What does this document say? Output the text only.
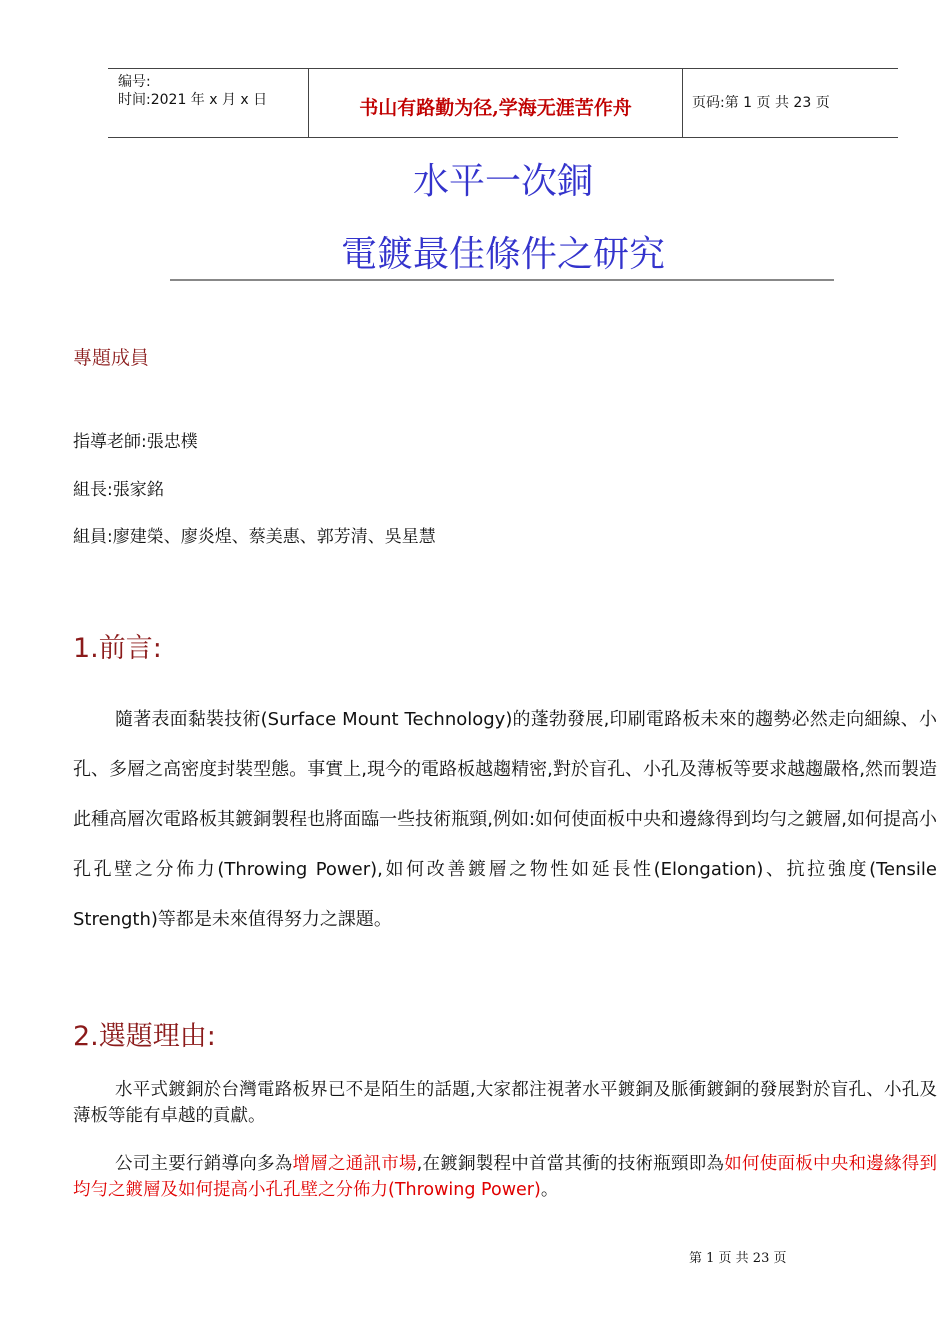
编号:
时间:2021 年 x 月 x 日	书山有路勤为径,学海无涯苦作舟	页码:第 1 页 共 23 页
水平一次銅
電鍍最佳條件之研究
專題成員
指導老師:張忠樸
組長:張家銘
組員:廖建榮、廖炎煌、蔡美惠、郭芳清、吳星慧
1.前言:
隨著表面黏裝技術(Surface Mount Technology)的蓬勃發展,印刷電路板未來的趨勢必然走向細線、小孔、多層之高密度封裝型態。事實上,現今的電路板越趨精密,對於盲孔、小孔及薄板等要求越趨嚴格,然而製造此種高層次電路板其鍍銅製程也將面臨一些技術瓶頸,例如:如何使面板中央和邊緣得到均勻之鍍層,如何提高小孔孔壁之分佈力(Throwing Power),如何改善鍍層之物性如延長性(Elongation)、抗拉強度(Tensile Strength)等都是未來值得努力之課題。
2.選題理由:
水平式鍍銅於台灣電路板界已不是陌生的話題,大家都注視著水平鍍銅及脈衝鍍銅的發展對於盲孔、小孔及薄板等能有卓越的貢獻。
公司主要行銷導向多為增層之通訊市場,在鍍銅製程中首當其衝的技術瓶頸即為如何使面板中央和邊緣得到均勻之鍍層及如何提高小孔孔壁之分佈力(Throwing Power)。
第 1 页 共 23 页
